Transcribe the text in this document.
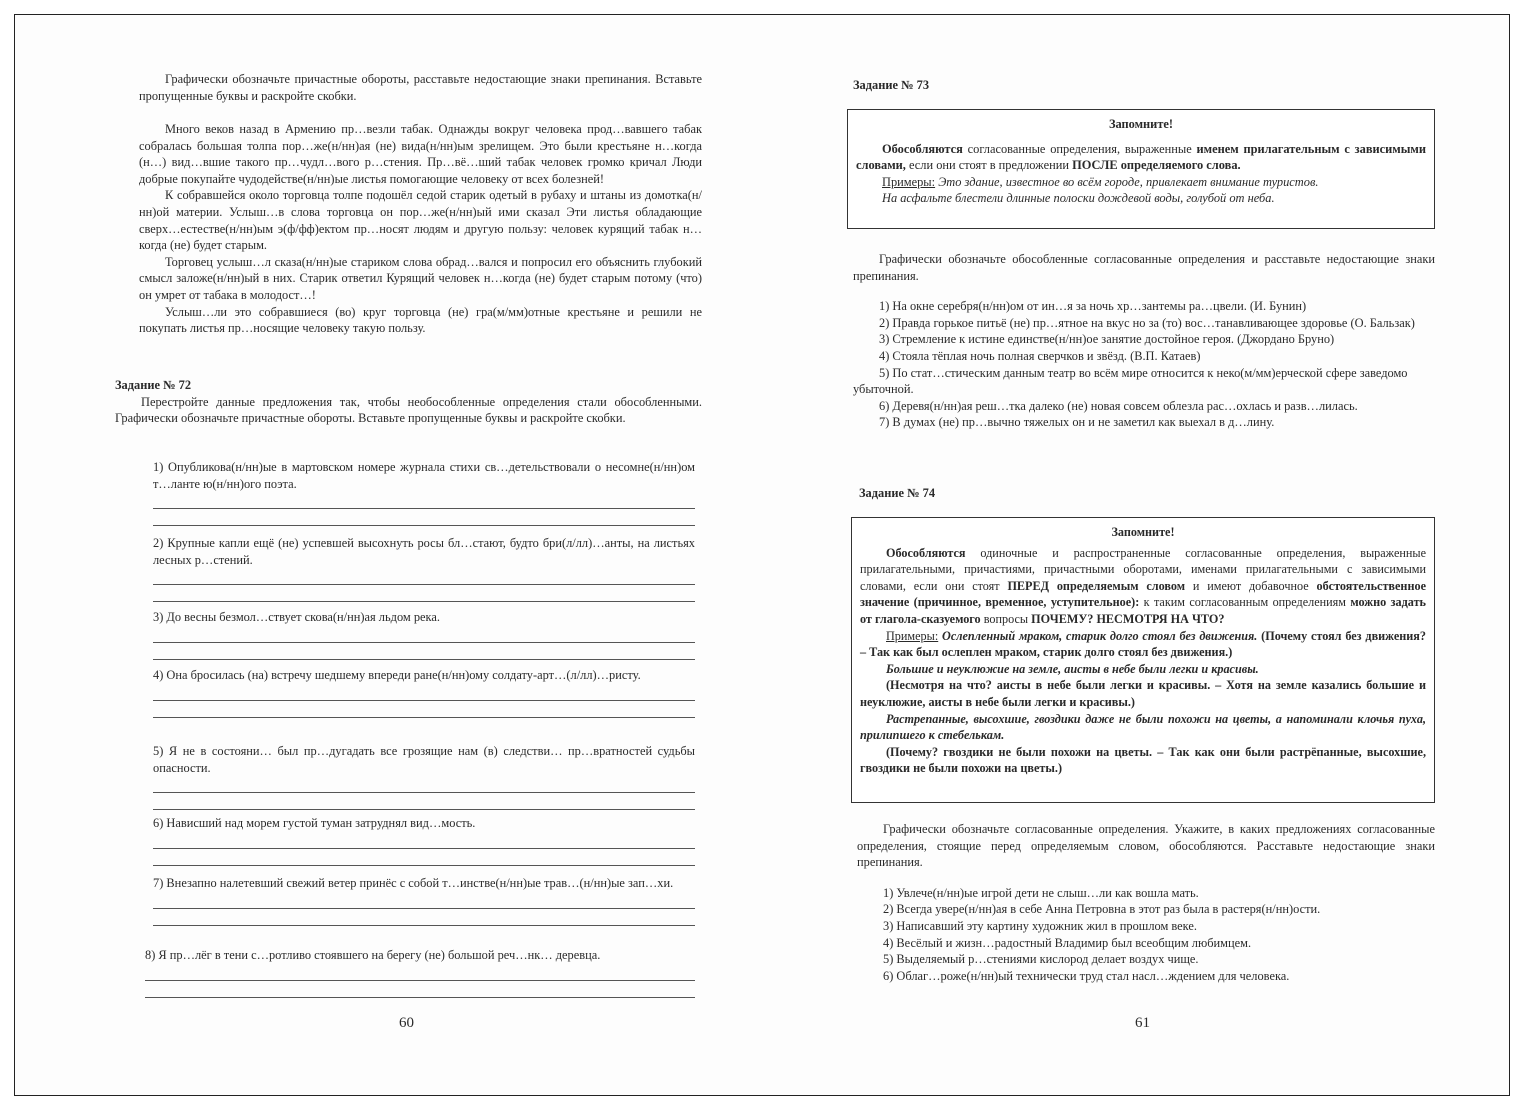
Графически обозначьте причастные обороты, расставьте недостающие знаки препинания. Вставьте пропущенные буквы и раскройте скобки.

Много веков назад в Армению пр…везли табак. Однажды вокруг человека прод…вавшего табак собралась большая толпа пор…же(н/нн)ая (не) вида(н/нн)ым зрелищем. Это были крестьяне н…когда (н…) вид…вшие такого пр…чудл…вого р…стения. Пр…вё…ший табак человек громко кричал Люди добрые покупайте чудодействе(н/нн)ые листья помогающие человеку от всех болезней!

К собравшейся около торговца толпе подошёл седой старик одетый в рубаху и штаны из домотка(н/нн)ой материи. Услыш…в слова торговца он пор…же(н/нн)ый ими сказал Эти листья обладающие сверх…естестве(н/нн)ым э(ф/фф)ектом пр…носят людям и другую пользу: человек курящий табак н…когда (не) будет старым.

Торговец услыш…л сказа(н/нн)ые стариком слова обрад…вался и попросил его объяснить глубокий смысл заложе(н/нн)ый в них. Старик ответил Курящий человек н…когда (не) будет старым потому (что) он умрет от табака в молодост…!

Услыш…ли это собравшиеся (во) круг торговца (не) гра(м/мм)отные крестьяне и решили не покупать листья пр…носящие человеку такую пользу.

Задание № 72

Перестройте данные предложения так, чтобы необособленные определения стали обособленными. Графически обозначьте причастные обороты. Вставьте пропущенные буквы и раскройте скобки.

1) Опубликова(н/нн)ые в мартовском номере журнала стихи св…детельствовали о несомне(н/нн)ом т…ланте ю(н/нн)ого поэта.

2) Крупные капли ещё (не) успевшей высохнуть росы бл…стают, будто бри(л/лл)…анты, на листьях лесных р…стений.

3) До весны безмол…ствует скова(н/нн)ая льдом река.

4) Она бросилась (на) встречу шедшему впереди ране(н/нн)ому солдату-арт…(л/лл)…ристу.

5) Я не в состояни… был пр…дугадать все грозящие нам (в) следстви… пр…вратностей судьбы опасности.

6) Нависший над морем густой туман затруднял вид…мость.

7) Внезапно налетевший свежий ветер принёс с собой т…инстве(н/нн)ые трав…(н/нн)ые зап…хи.

8) Я пр…лёг в тени с…ротливо стоявшего на берегу (не) большой реч…нк… деревца.

60

Задание № 73

Запомните!

Обособляются согласованные определения, выраженные именем прилагательным с зависимыми словами, если они стоят в предложении ПОСЛЕ определяемого слова.

Примеры: Это здание, известное во всём городе, привлекает внимание туристов.

На асфальте блестели длинные полоски дождевой воды, голубой от неба.

Графически обозначьте обособленные согласованные определения и расставьте недостающие знаки препинания.

1) На окне серебря(н/нн)ом от ин…я за ночь хр…зантемы ра…цвели. (И. Бунин)

2) Правда горькое питьё (не) пр…ятное на вкус но за (то) вос…танавливающее здоровье (О. Бальзак)

3) Стремление к истине единстве(н/нн)ое занятие достойное героя. (Джордано Бруно)

4) Стояла тёплая ночь полная сверчков и звёзд. (В.П. Катаев)

5) По стат…стическим данным театр во всём мире относится к неко(м/мм)ерческой сфере заведомо убыточной.

6) Деревя(н/нн)ая реш…тка далеко (не) новая совсем облезла рас…охлась и разв…лилась.

7) В думах (не) пр…вычно тяжелых он и не заметил как выехал в д…лину.

Задание № 74

Запомните!

Обособляются одиночные и распространенные согласованные определения, выраженные прилагательными, причастиями, причастными оборотами, именами прилагательными с зависимыми словами, если они стоят ПЕРЕД определяемым словом и имеют добавочное обстоятельственное значение (причинное, временное, уступительное): к таким согласованным определениям можно задать от глагола-сказуемого вопросы ПОЧЕМУ? НЕСМОТРЯ НА ЧТО?

Примеры: Ослепленный мраком, старик долго стоял без движения. (Почему стоял без движения? – Так как был ослеплен мраком, старик долго стоял без движения.)

Большие и неуклюжие на земле, аисты в небе были легки и красивы.

(Несмотря на что? аисты в небе были легки и красивы. – Хотя на земле казались большие и неуклюжие, аисты в небе были легки и красивы.)

Растрепанные, высохшие, гвоздики даже не были похожи на цветы, а напоминали клочья пуха, прилипшего к стебелькам.

(Почему? гвоздики не были похожи на цветы. – Так как они были растрёпанные, высохшие, гвоздики не были похожи на цветы.)

Графически обозначьте согласованные определения. Укажите, в каких предложениях согласованные определения, стоящие перед определяемым словом, обособляются. Расставьте недостающие знаки препинания.

1) Увлече(н/нн)ые игрой дети не слыш…ли как вошла мать.

2) Всегда увере(н/нн)ая в себе Анна Петровна в этот раз была в растеря(н/нн)ости.

3) Написавший эту картину художник жил в прошлом веке.

4) Весёлый и жизн…радостный Владимир был всеобщим любимцем.

5) Выделяемый р…стениями кислород делает воздух чище.

6) Облаг…роже(н/нн)ый технически труд стал насл…ждением для человека.

61
